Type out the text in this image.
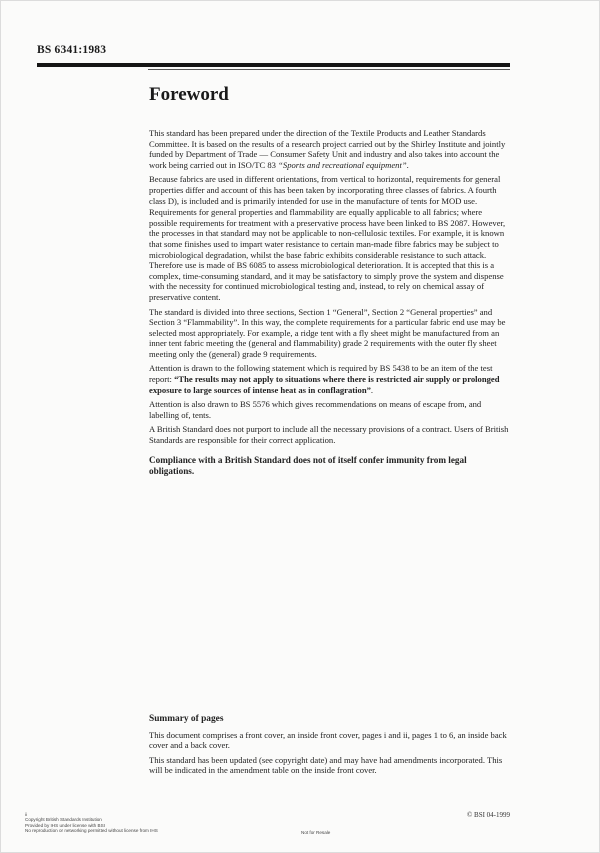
BS 6341:1983
Foreword

This standard has been prepared under the direction of the Textile Products and Leather Standards Committee. It is based on the results of a research project carried out by the Shirley Institute and jointly funded by Department of Trade — Consumer Safety Unit and industry and also takes into account the work being carried out in ISO/TC 83 “Sports and recreational equipment”.

Because fabrics are used in different orientations, from vertical to horizontal, requirements for general properties differ and account of this has been taken by incorporating three classes of fabrics. A fourth class D), is included and is primarily intended for use in the manufacture of tents for MOD use.

Requirements for general properties and flammability are equally applicable to all fabrics; where possible requirements for treatment with a preservative process have been linked to BS 2087. However, the processes in that standard may not be applicable to non-cellulosic textiles. For example, it is known that some finishes used to impart water resistance to certain man-made fibre fabrics may be subject to microbiological degradation, whilst the base fabric exhibits considerable resistance to such attack. Therefore use is made of BS 6085 to assess microbiological deterioration. It is accepted that this is a complex, time-consuming standard, and it may be satisfactory to simply prove the system and dispense with the necessity for continued microbiological testing and, instead, to rely on chemical assay of preservative content.

The standard is divided into three sections, Section 1 “General”, Section 2 “General properties” and Section 3 “Flammability”. In this way, the complete requirements for a particular fabric end use may be selected most appropriately. For example, a ridge tent with a fly sheet might be manufactured from an inner tent fabric meeting the (general and flammability) grade 2 requirements with the outer fly sheet meeting only the (general) grade 9 requirements.

Attention is drawn to the following statement which is required by BS 5438 to be an item of the test report: “The results may not apply to situations where there is restricted air supply or prolonged exposure to large sources of intense heat as in conflagration”.

Attention is also drawn to BS 5576 which gives recommendations on means of escape from, and labelling of, tents.

A British Standard does not purport to include all the necessary provisions of a contract. Users of British Standards are responsible for their correct application.

Compliance with a British Standard does not of itself confer immunity from legal obligations.

Summary of pages

This document comprises a front cover, an inside front cover, pages i and ii, pages 1 to 6, an inside back cover and a back cover.

This standard has been updated (see copyright date) and may have had amendments incorporated. This will be indicated in the amendment table on the inside front cover.

ii
Copyright British Standards Institution
Provided by IHS under license with BSI
No reproduction or networking permitted without license from IHS	Not for Resale
© BSI 04-1999
